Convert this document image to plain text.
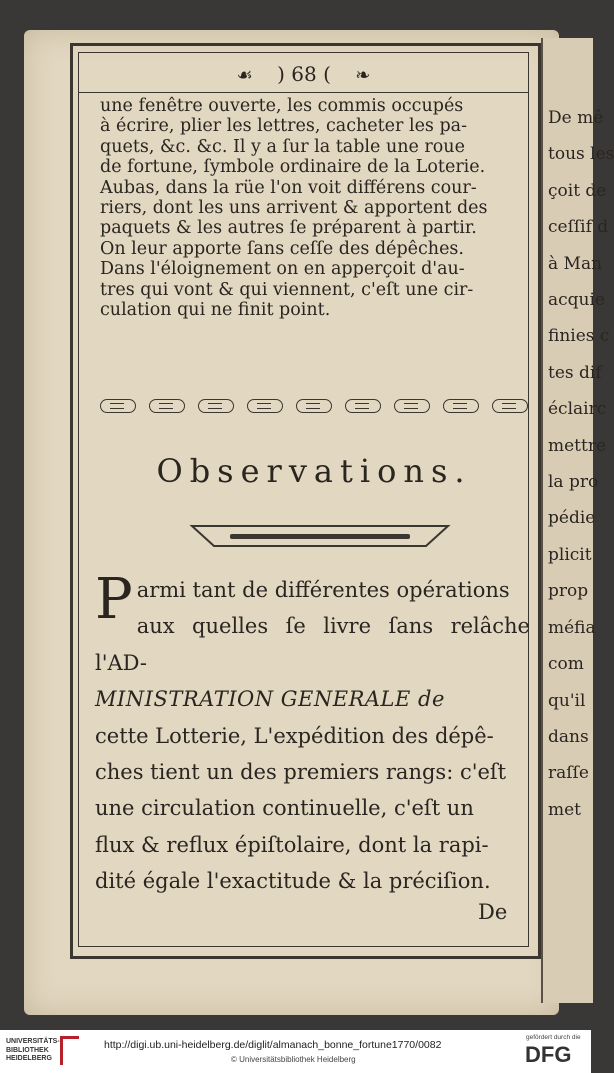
☙ ) 68 ( ❧
une fenêtre ouverte, les commis occupés
à écrire, plier les lettres, cacheter les pa-
quets, &c. &c. Il y a ſur la table une roue
de fortune, ſymbole ordinaire de la Loterie.
Aubas, dans la rüe l'on voit différens cour-
riers, dont les uns arrivent & apportent des
paquets & les autres ſe préparent à partir.
On leur apporte ſans ceſſe des dépêches.
Dans l'éloignement on en apperçoit d'au-
tres qui vont & qui viennent, c'eſt une cir-
culation qui ne finit point.
Observations.
P armi tant de différentes opérations
aux quelles ſe livre ſans relâche l'AD-
MINISTRATION GENERALE de
cette Lotterie, L'expédition des dépê-
ches tient un des premiers rangs: c'eſt
une circulation continuelle, c'eſt un
flux & reflux épiſtolaire, dont la rapi-
dité égale l'exactitude & la préciſion.
De
De mê
tous les
çoit de
ceſſif d
à Man
acquie
finies c
tes dif
éclairc
mettre
la pro
pédie
plicit
prop
méfia
com
qu'il
dans
raſſe
met
UNIVERSITÄTS-
BIBLIOTHEK
HEIDELBERG
http://digi.ub.uni-heidelberg.de/diglit/almanach_bonne_fortune1770/0082
© Universitätsbibliothek Heidelberg
gefördert durch die
DFG
